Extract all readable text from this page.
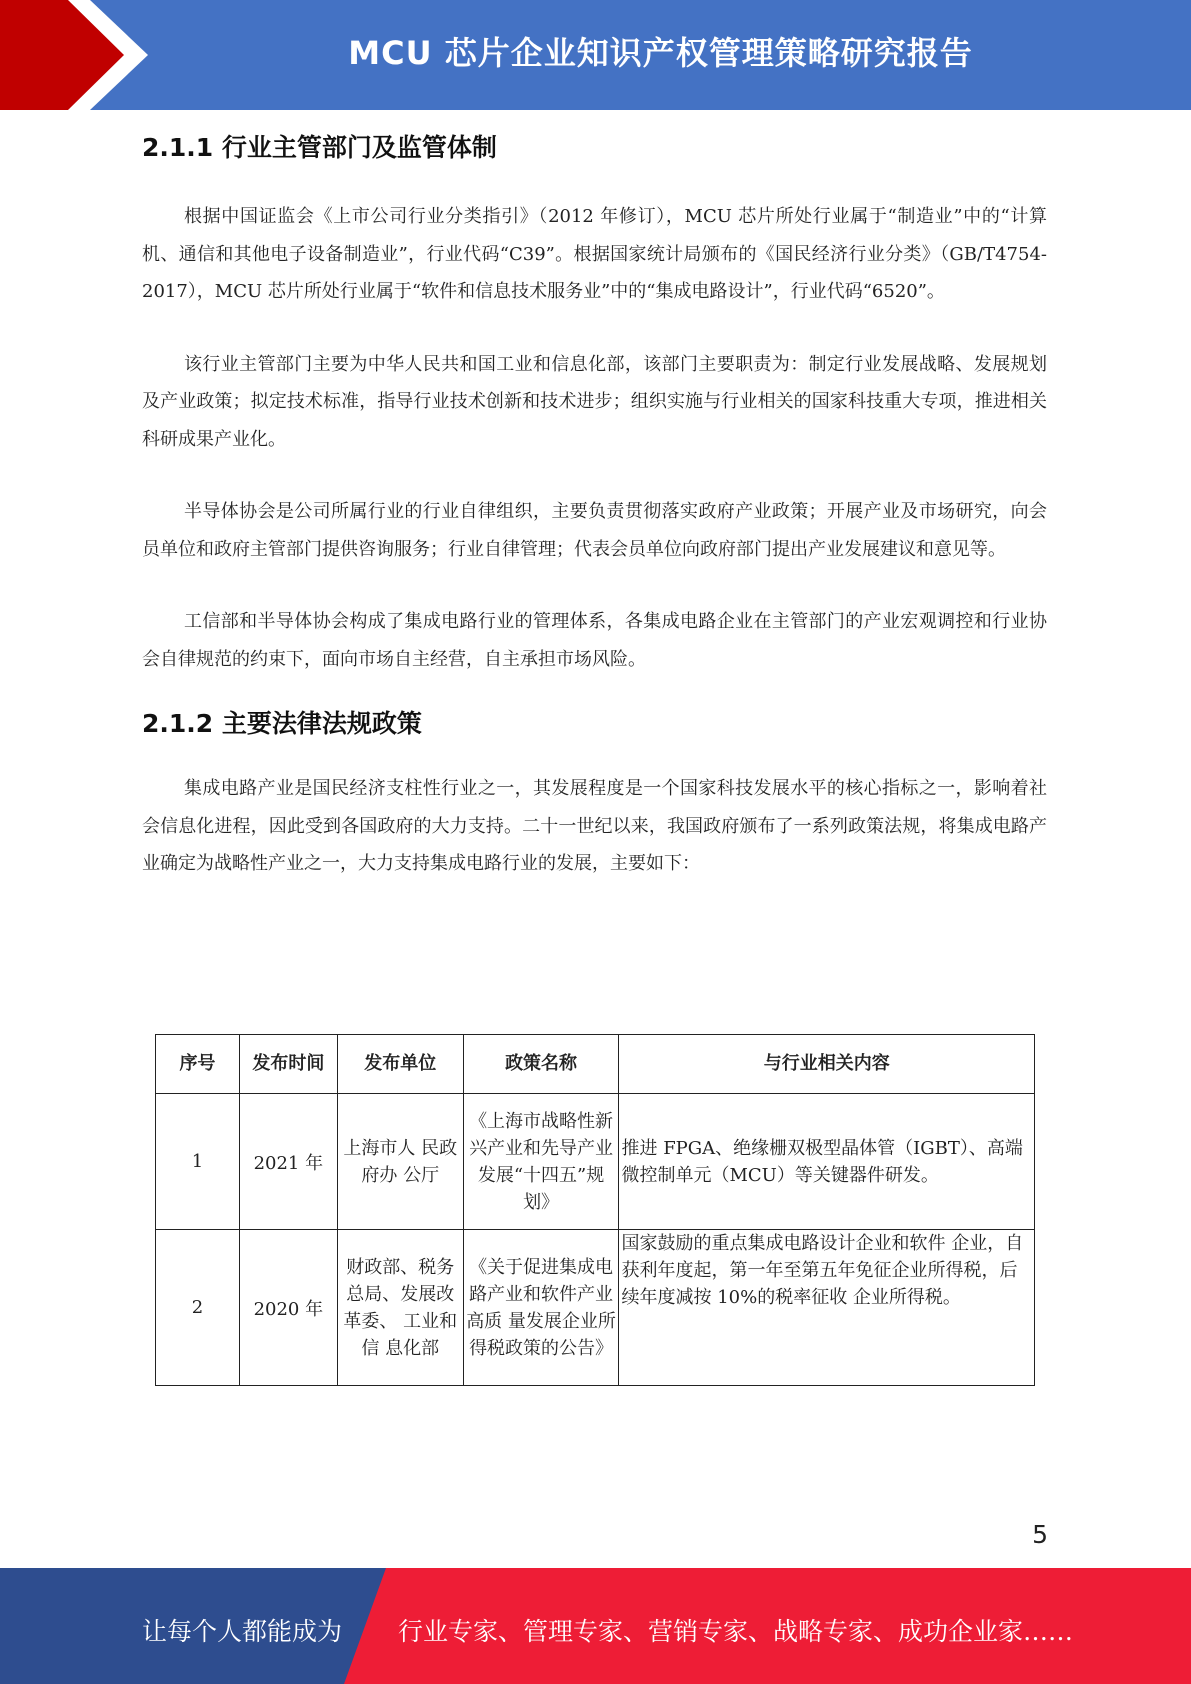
MCU 芯片企业知识产权管理策略研究报告
2.1.1 行业主管部门及监管体制

根据中国证监会《上市公司行业分类指引》（2012 年修订），MCU 芯片所处行业属于“制造业”中的“计算机、通信和其他电子设备制造业”，行业代码“C39”。根据国家统计局颁布的《国民经济行业分类》（GB/T4754-2017），MCU 芯片所处行业属于“软件和信息技术服务业”中的“集成电路设计”，行业代码“6520”。

该行业主管部门主要为中华人民共和国工业和信息化部，该部门主要职责为：制定行业发展战略、发展规划及产业政策；拟定技术标准，指导行业技术创新和技术进步；组织实施与行业相关的国家科技重大专项，推进相关科研成果产业化。

半导体协会是公司所属行业的行业自律组织，主要负责贯彻落实政府产业政策；开展产业及市场研究，向会员单位和政府主管部门提供咨询服务；行业自律管理；代表会员单位向政府部门提出产业发展建议和意见等。

工信部和半导体协会构成了集成电路行业的管理体系，各集成电路企业在主管部门的产业宏观调控和行业协会自律规范的约束下，面向市场自主经营，自主承担市场风险。

2.1.2 主要法律法规政策

集成电路产业是国民经济支柱性行业之一，其发展程度是一个国家科技发展水平的核心指标之一，影响着社会信息化进程，因此受到各国政府的大力支持。二十一世纪以来，我国政府颁布了一系列政策法规，将集成电路产业确定为战略性产业之一，大力支持集成电路行业的发展，主要如下：

序号	发布时间	发布单位	政策名称	与行业相关内容
1	2021 年	上海市人 民政府办 公厅	《上海市战略性新兴产业和先导产业发展“十四五”规划》	推进 FPGA、绝缘栅双极型晶体管（IGBT）、高端微控制单元（MCU）等关键器件研发。
2	2020 年	财政部、税务总局、发展改革委、 工业和信 息化部	《关于促进集成电路产业和软件产业高质 量发展企业所 得税政策的公告》	国家鼓励的重点集成电路设计企业和软件 企业，自获利年度起，第一年至第五年免征企业所得税，后续年度减按 10%的税率征收 企业所得税。
5
让每个人都能成为 行业专家、管理专家、营销专家、战略专家、成功企业家……
